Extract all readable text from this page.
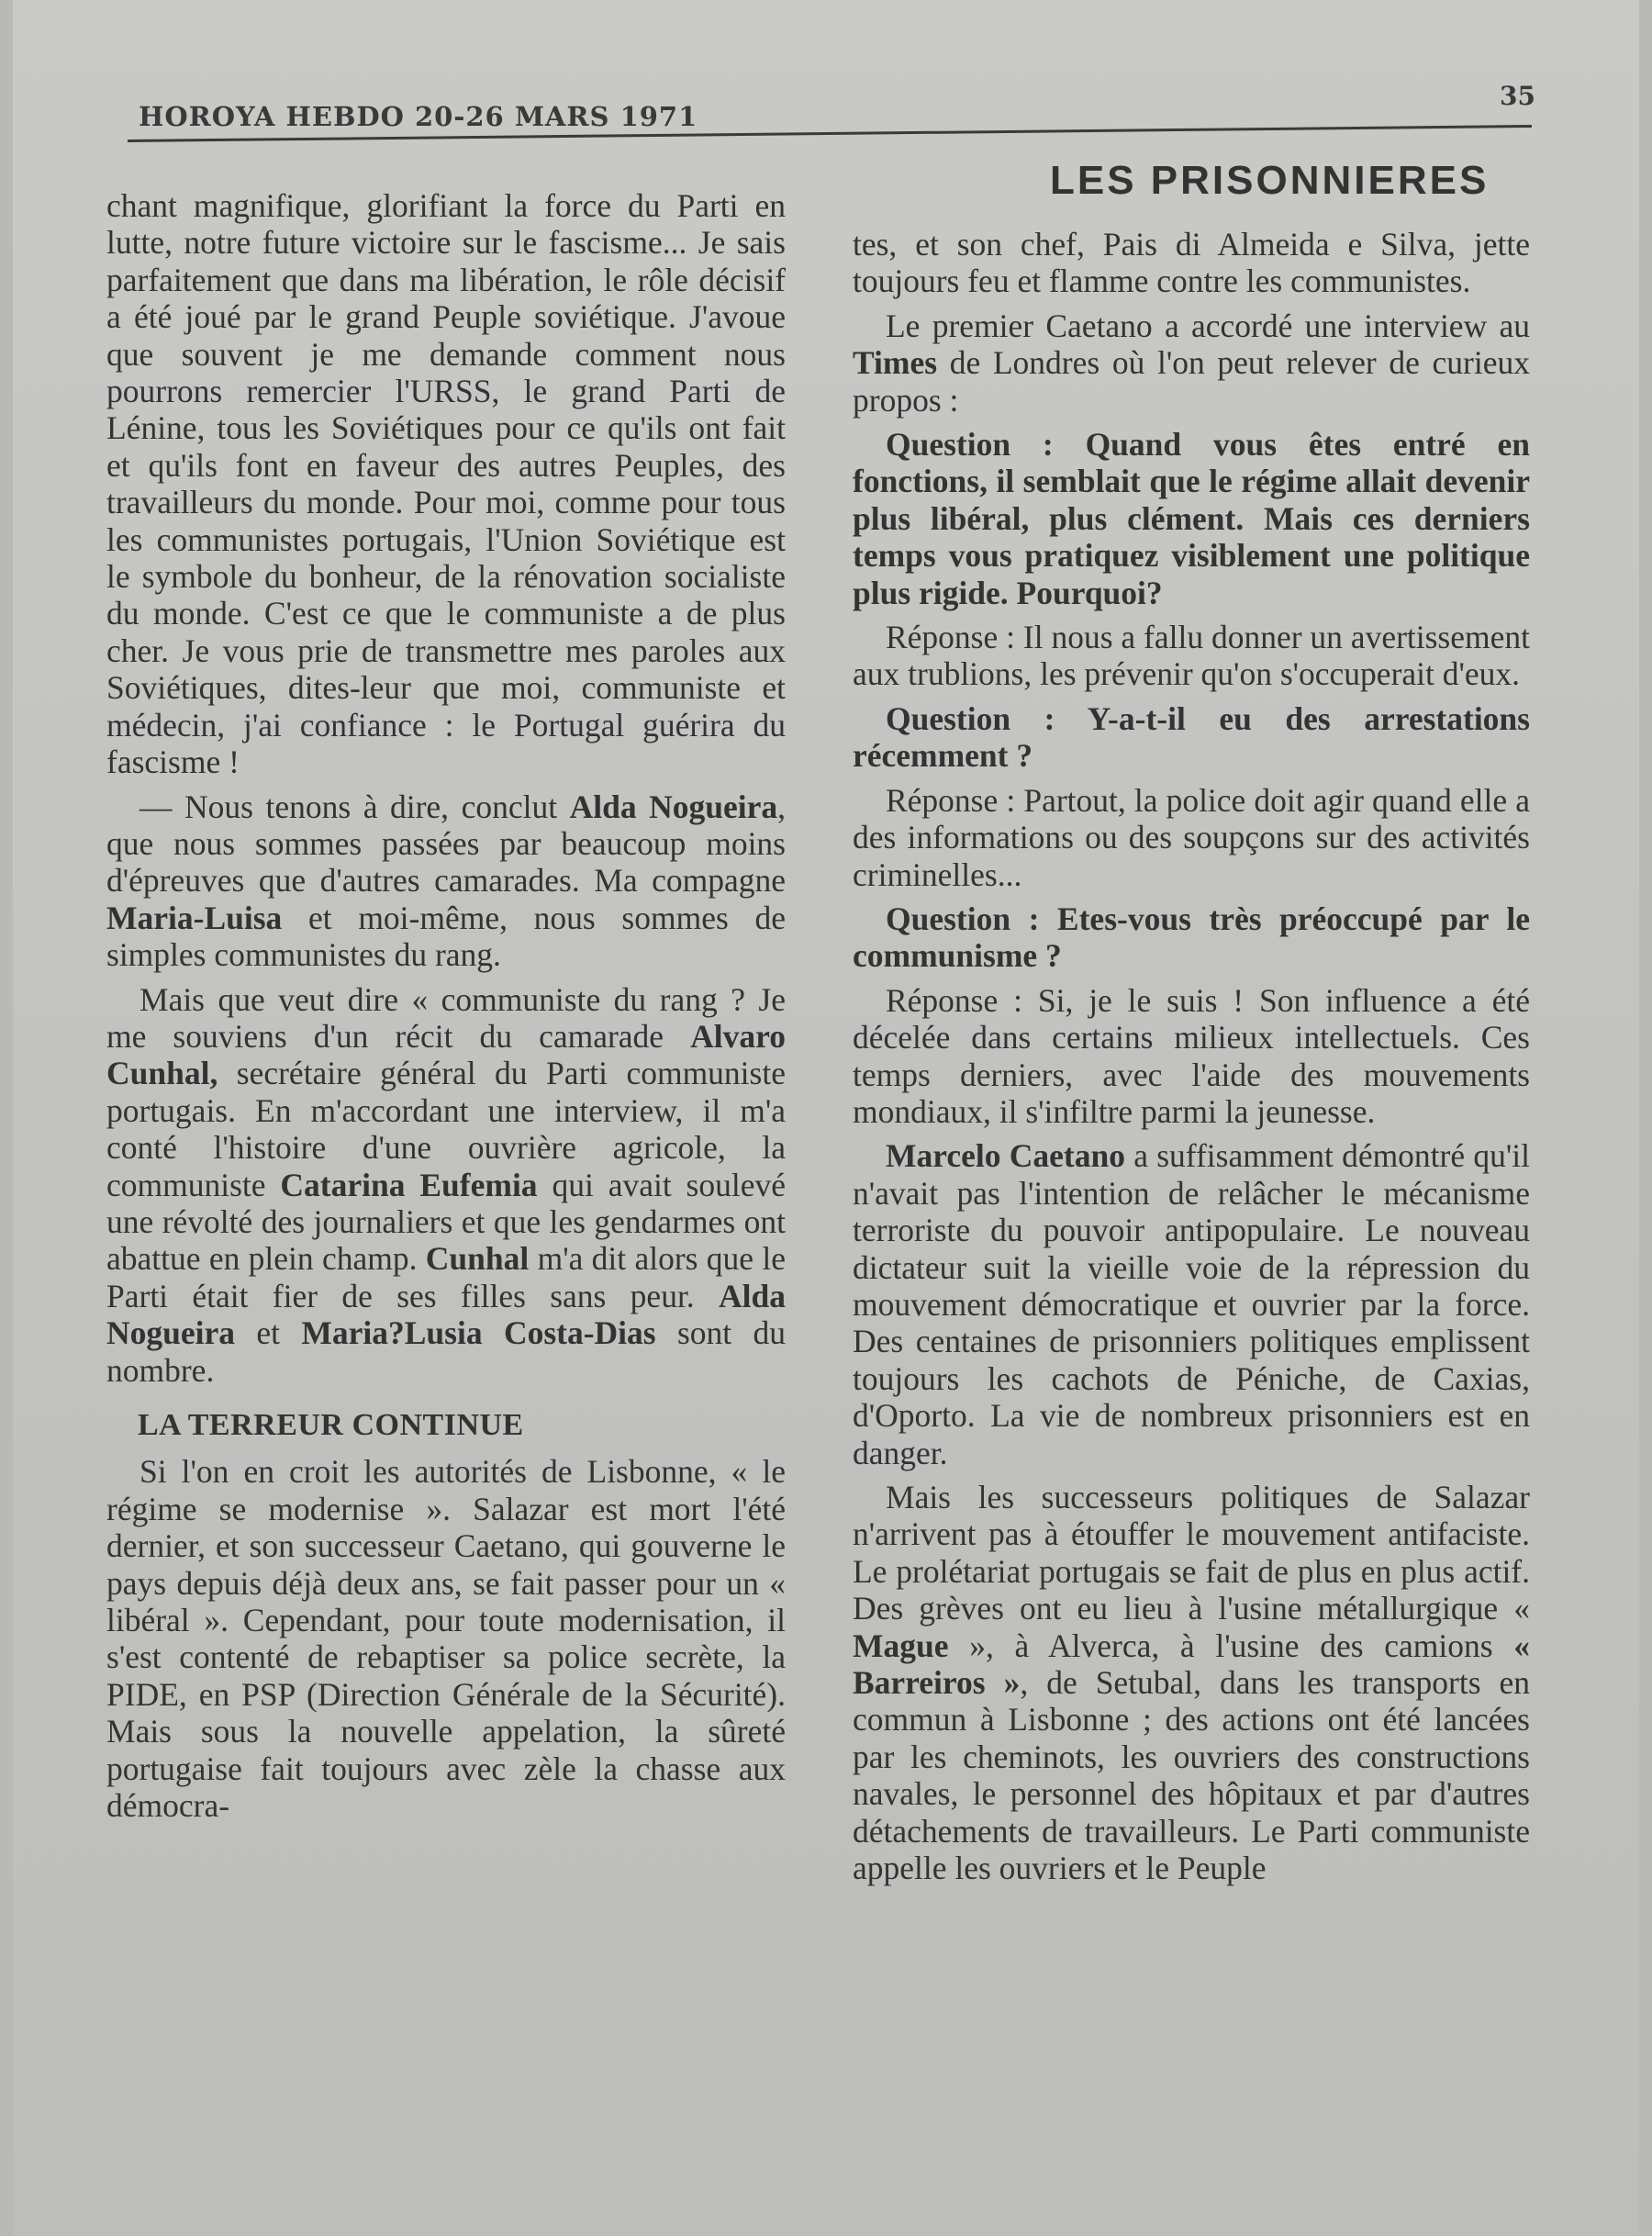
HOROYA HEBDO 20-26 MARS 1971
35
LES PRISONNIERES

chant magnifique, glorifiant la force du Parti en lutte, notre future victoire sur le fascisme... Je sais parfaitement que dans ma libération, le rôle décisif a été joué par le grand Peuple soviétique. J'avoue que souvent je me demande comment nous pourrons remercier l'URSS, le grand Parti de Lénine, tous les Soviétiques pour ce qu'ils ont fait et qu'ils font en faveur des autres Peuples, des travailleurs du monde. Pour moi, comme pour tous les communistes portugais, l'Union Soviétique est le symbole du bonheur, de la rénovation socialiste du monde. C'est ce que le communiste a de plus cher. Je vous prie de transmettre mes paroles aux Soviétiques, dites-leur que moi, communiste et médecin, j'ai confiance : le Portugal guérira du fascisme !

— Nous tenons à dire, conclut Alda Nogueira, que nous sommes passées par beaucoup moins d'épreuves que d'autres camarades. Ma compagne Maria-Luisa et moi-même, nous sommes de simples communistes du rang.

Mais que veut dire « communiste du rang ? Je me souviens d'un récit du camarade Alvaro Cunhal, secrétaire général du Parti communiste portugais. En m'accordant une interview, il m'a conté l'histoire d'une ouvrière agricole, la communiste Catarina Eufemia qui avait soulevé une révolté des journaliers et que les gendarmes ont abattue en plein champ. Cunhal m'a dit alors que le Parti était fier de ses filles sans peur. Alda Nogueira et Maria?Lusia Costa-Dias sont du nombre.

LA TERREUR CONTINUE

Si l'on en croit les autorités de Lisbonne, « le régime se modernise ». Salazar est mort l'été dernier, et son successeur Caetano, qui gouverne le pays depuis déjà deux ans, se fait passer pour un « libéral ». Cependant, pour toute modernisation, il s'est contenté de rebaptiser sa police secrète, la PIDE, en PSP (Direction Générale de la Sécurité). Mais sous la nouvelle appelation, la sûreté portugaise fait toujours avec zèle la chasse aux démocra-

tes, et son chef, Pais di Almeida e Silva, jette toujours feu et flamme contre les communistes.

Le premier Caetano a accordé une interview au Times de Londres où l'on peut relever de curieux propos :

Question : Quand vous êtes entré en fonctions, il semblait que le régime allait devenir plus libéral, plus clément. Mais ces derniers temps vous pratiquez visiblement une politique plus rigide. Pourquoi?

Réponse : Il nous a fallu donner un avertissement aux trublions, les prévenir qu'on s'occuperait d'eux.

Question : Y-a-t-il eu des arrestations récemment ?

Réponse : Partout, la police doit agir quand elle a des informations ou des soupçons sur des activités criminelles...

Question : Etes-vous très préoccupé par le communisme ?

Réponse : Si, je le suis ! Son influence a été décelée dans certains milieux intellectuels. Ces temps derniers, avec l'aide des mouvements mondiaux, il s'infiltre parmi la jeunesse.

Marcelo Caetano a suffisamment démontré qu'il n'avait pas l'intention de relâcher le mécanisme terroriste du pouvoir antipopulaire. Le nouveau dictateur suit la vieille voie de la répression du mouvement démocratique et ouvrier par la force. Des centaines de prisonniers politiques emplissent toujours les cachots de Péniche, de Caxias, d'Oporto. La vie de nombreux prisonniers est en danger.

Mais les successeurs politiques de Salazar n'arrivent pas à étouffer le mouvement antifaciste. Le prolétariat portugais se fait de plus en plus actif. Des grèves ont eu lieu à l'usine métallurgique « Mague », à Alverca, à l'usine des camions « Barreiros », de Setubal, dans les transports en commun à Lisbonne ; des actions ont été lancées par les cheminots, les ouvriers des constructions navales, le personnel des hôpitaux et par d'autres détachements de travailleurs. Le Parti communiste appelle les ouvriers et le Peuple
